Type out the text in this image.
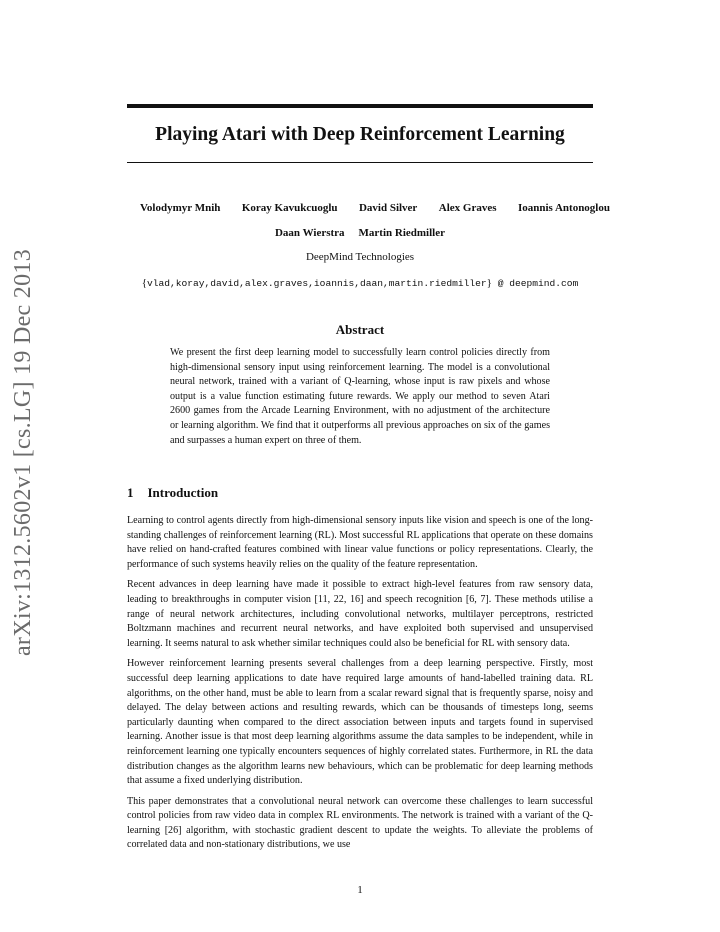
arXiv:1312.5602v1 [cs.LG] 19 Dec 2013
Playing Atari with Deep Reinforcement Learning
Volodymyr Mnih Koray Kavukcuoglu David Silver Alex Graves Ioannis Antonoglou
Daan Wierstra Martin Riedmiller
DeepMind Technologies
{vlad,koray,david,alex.graves,ioannis,daan,martin.riedmiller} @ deepmind.com
Abstract

We present the first deep learning model to successfully learn control policies directly from high-dimensional sensory input using reinforcement learning. The model is a convolutional neural network, trained with a variant of Q-learning, whose input is raw pixels and whose output is a value function estimating future rewards. We apply our method to seven Atari 2600 games from the Arcade Learning Environment, with no adjustment of the architecture or learning algorithm. We find that it outperforms all previous approaches on six of the games and surpasses a human expert on three of them.

1 Introduction

Learning to control agents directly from high-dimensional sensory inputs like vision and speech is one of the long-standing challenges of reinforcement learning (RL). Most successful RL applications that operate on these domains have relied on hand-crafted features combined with linear value functions or policy representations. Clearly, the performance of such systems heavily relies on the quality of the feature representation.

Recent advances in deep learning have made it possible to extract high-level features from raw sensory data, leading to breakthroughs in computer vision [11, 22, 16] and speech recognition [6, 7]. These methods utilise a range of neural network architectures, including convolutional networks, multilayer perceptrons, restricted Boltzmann machines and recurrent neural networks, and have exploited both supervised and unsupervised learning. It seems natural to ask whether similar techniques could also be beneficial for RL with sensory data.

However reinforcement learning presents several challenges from a deep learning perspective. Firstly, most successful deep learning applications to date have required large amounts of hand-labelled training data. RL algorithms, on the other hand, must be able to learn from a scalar reward signal that is frequently sparse, noisy and delayed. The delay between actions and resulting rewards, which can be thousands of timesteps long, seems particularly daunting when compared to the direct association between inputs and targets found in supervised learning. Another issue is that most deep learning algorithms assume the data samples to be independent, while in reinforcement learning one typically encounters sequences of highly correlated states. Furthermore, in RL the data distribution changes as the algorithm learns new behaviours, which can be problematic for deep learning methods that assume a fixed underlying distribution.

This paper demonstrates that a convolutional neural network can overcome these challenges to learn successful control policies from raw video data in complex RL environments. The network is trained with a variant of the Q-learning [26] algorithm, with stochastic gradient descent to update the weights. To alleviate the problems of correlated data and non-stationary distributions, we use

1
